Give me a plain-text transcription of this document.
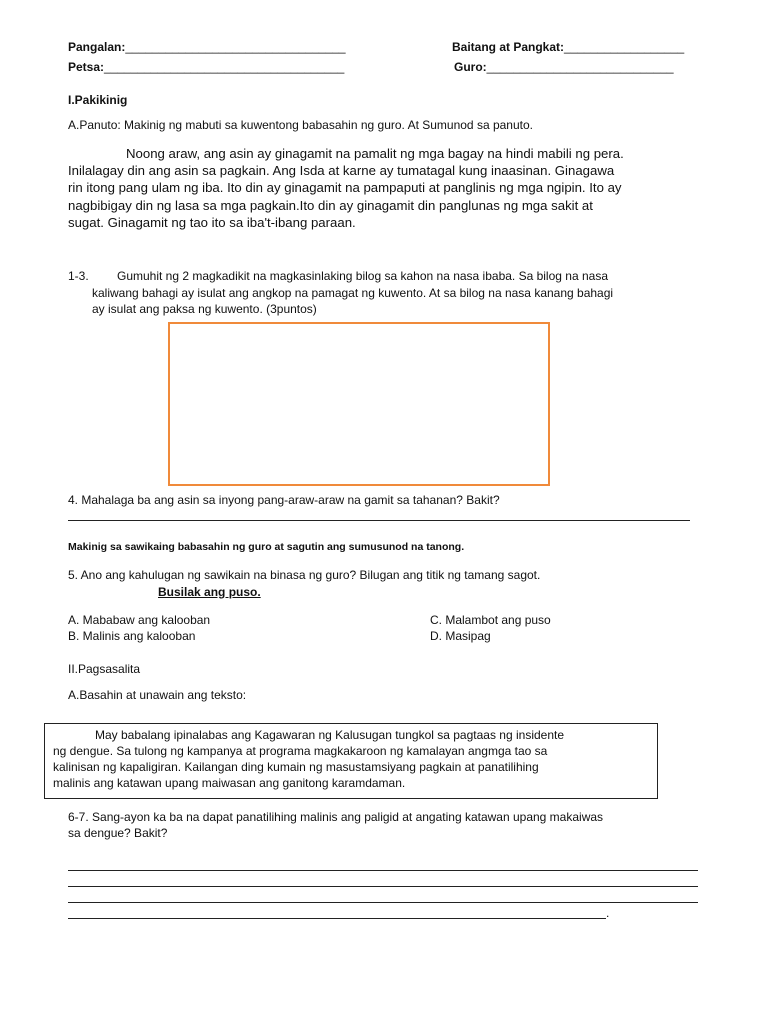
Pangalan:_________________________________	Baitang at Pangkat:__________________
Petsa:____________________________________	Guro:____________________________
I.Pakikinig
A.Panuto: Makinig ng mabuti sa kuwentong babasahin ng guro. At Sumunod sa panuto.
Noong araw, ang asin ay ginagamit na pamalit ng mga bagay na hindi mabili ng pera.
Inilalagay din ang asin sa pagkain. Ang Isda at karne ay tumatagal kung inaasinan. Ginagawa
rin itong pang ulam ng iba. Ito din ay ginagamit na pampaputi at panglinis ng mga ngipin. Ito ay
nagbibigay din ng lasa sa mga pagkain.Ito din ay ginagamit din panglunas ng mga sakit at
sugat. Ginagamit ng tao ito sa iba't-ibang paraan.
1-3. Gumuhit ng 2 magkadikit na magkasinlaking bilog sa kahon na nasa ibaba. Sa bilog na nasa
kaliwang bahagi ay isulat ang angkop na pamagat ng kuwento. At sa bilog na nasa kanang bahagi
ay isulat ang paksa ng kuwento. (3puntos)
4. Mahalaga ba ang asin sa inyong pang-araw-araw na gamit sa tahanan? Bakit?
Makinig sa sawikaing babasahin ng guro at sagutin ang sumusunod na tanong.
5. Ano ang kahulugan ng sawikain na binasa ng guro? Bilugan ang titik ng tamang sagot.
Busilak ang puso.
A. Mababaw ang kalooban	C. Malambot ang puso
B. Malinis ang kalooban	D. Masipag
II.Pagsasalita
A.Basahin at unawain ang teksto:
May babalang ipinalabas ang Kagawaran ng Kalusugan tungkol sa pagtaas ng insidente
ng dengue. Sa tulong ng kampanya at programa magkakaroon ng kamalayan angmga tao sa
kalinisan ng kapaligiran. Kailangan ding kumain ng masustamsiyang pagkain at panatilihing
malinis ang katawan upang maiwasan ang ganitong karamdaman.
6-7. Sang-ayon ka ba na dapat panatilihing malinis ang paligid at angating katawan upang makaiwas
sa dengue? Bakit?
.
